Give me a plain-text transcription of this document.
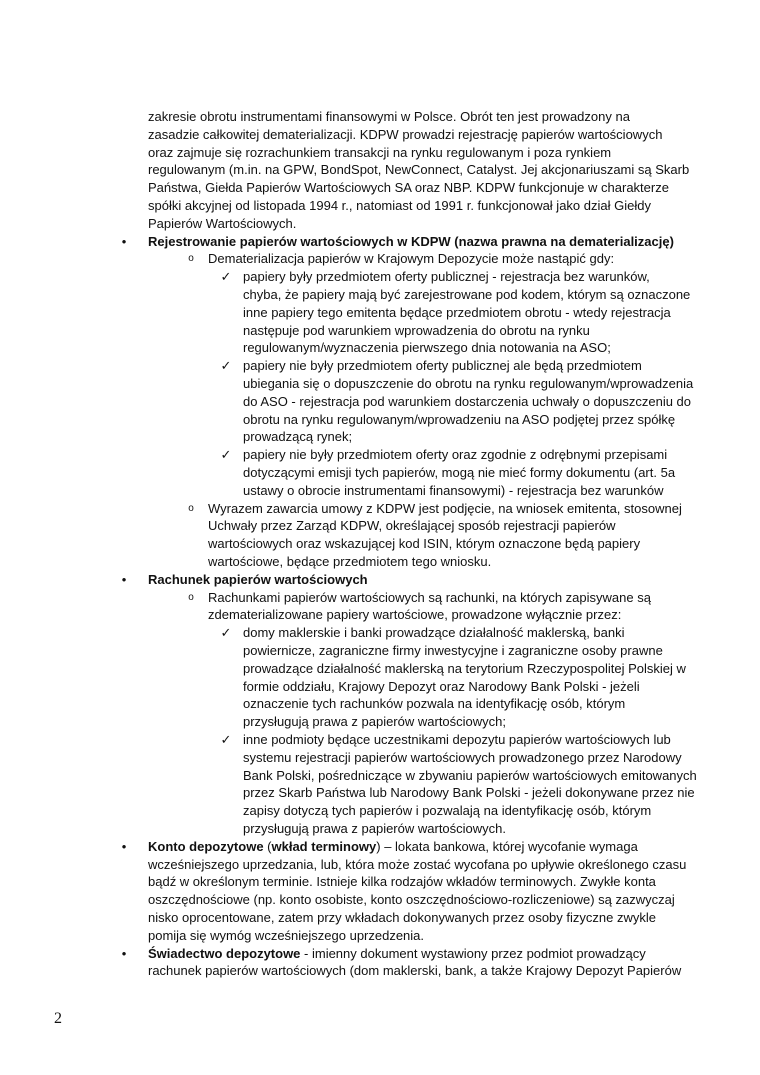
zakresie obrotu instrumentami finansowymi w Polsce. Obrót ten jest prowadzony na
zasadzie całkowitej dematerializacji. KDPW prowadzi rejestrację papierów wartościowych
oraz zajmuje się rozrachunkiem transakcji na rynku regulowanym i poza rynkiem
regulowanym (m.in. na GPW, BondSpot, NewConnect, Catalyst. Jej akcjonariuszami są Skarb
Państwa, Giełda Papierów Wartościowych SA oraz NBP. KDPW funkcjonuje w charakterze
spółki akcyjnej od listopada 1994 r., natomiast od 1991 r. funkcjonował jako dział Giełdy
Papierów Wartościowych.
•	Rejestrowanie papierów wartościowych w KDPW (nazwa prawna na dematerializację)
o	Dematerializacja papierów w Krajowym Depozycie może nastąpić gdy:
✓ papiery były przedmiotem oferty publicznej - rejestracja bez warunków,
chyba, że papiery mają być zarejestrowane pod kodem, którym są oznaczone
inne papiery tego emitenta będące przedmiotem obrotu - wtedy rejestracja
następuje pod warunkiem wprowadzenia do obrotu na rynku
regulowanym/wyznaczenia pierwszego dnia notowania na ASO;
✓ papiery nie były przedmiotem oferty publicznej ale będą przedmiotem
ubiegania się o dopuszczenie do obrotu na rynku regulowanym/wprowadzenia
do ASO - rejestracja pod warunkiem dostarczenia uchwały o dopuszczeniu do
obrotu na rynku regulowanym/wprowadzeniu na ASO podjętej przez spółkę
prowadzącą rynek;
✓ papiery nie były przedmiotem oferty oraz zgodnie z odrębnymi przepisami
dotyczącymi emisji tych papierów, mogą nie mieć formy dokumentu (art. 5a
ustawy o obrocie instrumentami finansowymi) - rejestracja bez warunków
o	Wyrazem zawarcia umowy z KDPW jest podjęcie, na wniosek emitenta, stosownej
Uchwały przez Zarząd KDPW, określającej sposób rejestracji papierów
wartościowych oraz wskazującej kod ISIN, którym oznaczone będą papiery
wartościowe, będące przedmiotem tego wniosku.
•	Rachunek papierów wartościowych
o	Rachunkami papierów wartościowych są rachunki, na których zapisywane są
zdematerializowane papiery wartościowe, prowadzone wyłącznie przez:
✓ domy maklerskie i banki prowadzące działalność maklerską, banki
powiernicze, zagraniczne firmy inwestycyjne i zagraniczne osoby prawne
prowadzące działalność maklerską na terytorium Rzeczypospolitej Polskiej w
formie oddziału, Krajowy Depozyt oraz Narodowy Bank Polski - jeżeli
oznaczenie tych rachunków pozwala na identyfikację osób, którym
przysługują prawa z papierów wartościowych;
✓ inne podmioty będące uczestnikami depozytu papierów wartościowych lub
systemu rejestracji papierów wartościowych prowadzonego przez Narodowy
Bank Polski, pośredniczące w zbywaniu papierów wartościowych emitowanych
przez Skarb Państwa lub Narodowy Bank Polski - jeżeli dokonywane przez nie
zapisy dotyczą tych papierów i pozwalają na identyfikację osób, którym
przysługują prawa z papierów wartościowych.
•	Konto depozytowe (wkład terminowy) – lokata bankowa, której wycofanie wymaga
wcześniejszego uprzedzania, lub, która może zostać wycofana po upływie określonego czasu
bądź w określonym terminie. Istnieje kilka rodzajów wkładów terminowych. Zwykłe konta
oszczędnościowe (np. konto osobiste, konto oszczędnościowo-rozliczeniowe) są zazwyczaj
nisko oprocentowane, zatem przy wkładach dokonywanych przez osoby fizyczne zwykle
pomija się wymóg wcześniejszego uprzedzenia.
•	Świadectwo depozytowe - imienny dokument wystawiony przez podmiot prowadzący
rachunek papierów wartościowych (dom maklerski, bank, a także Krajowy Depozyt Papierów
2
